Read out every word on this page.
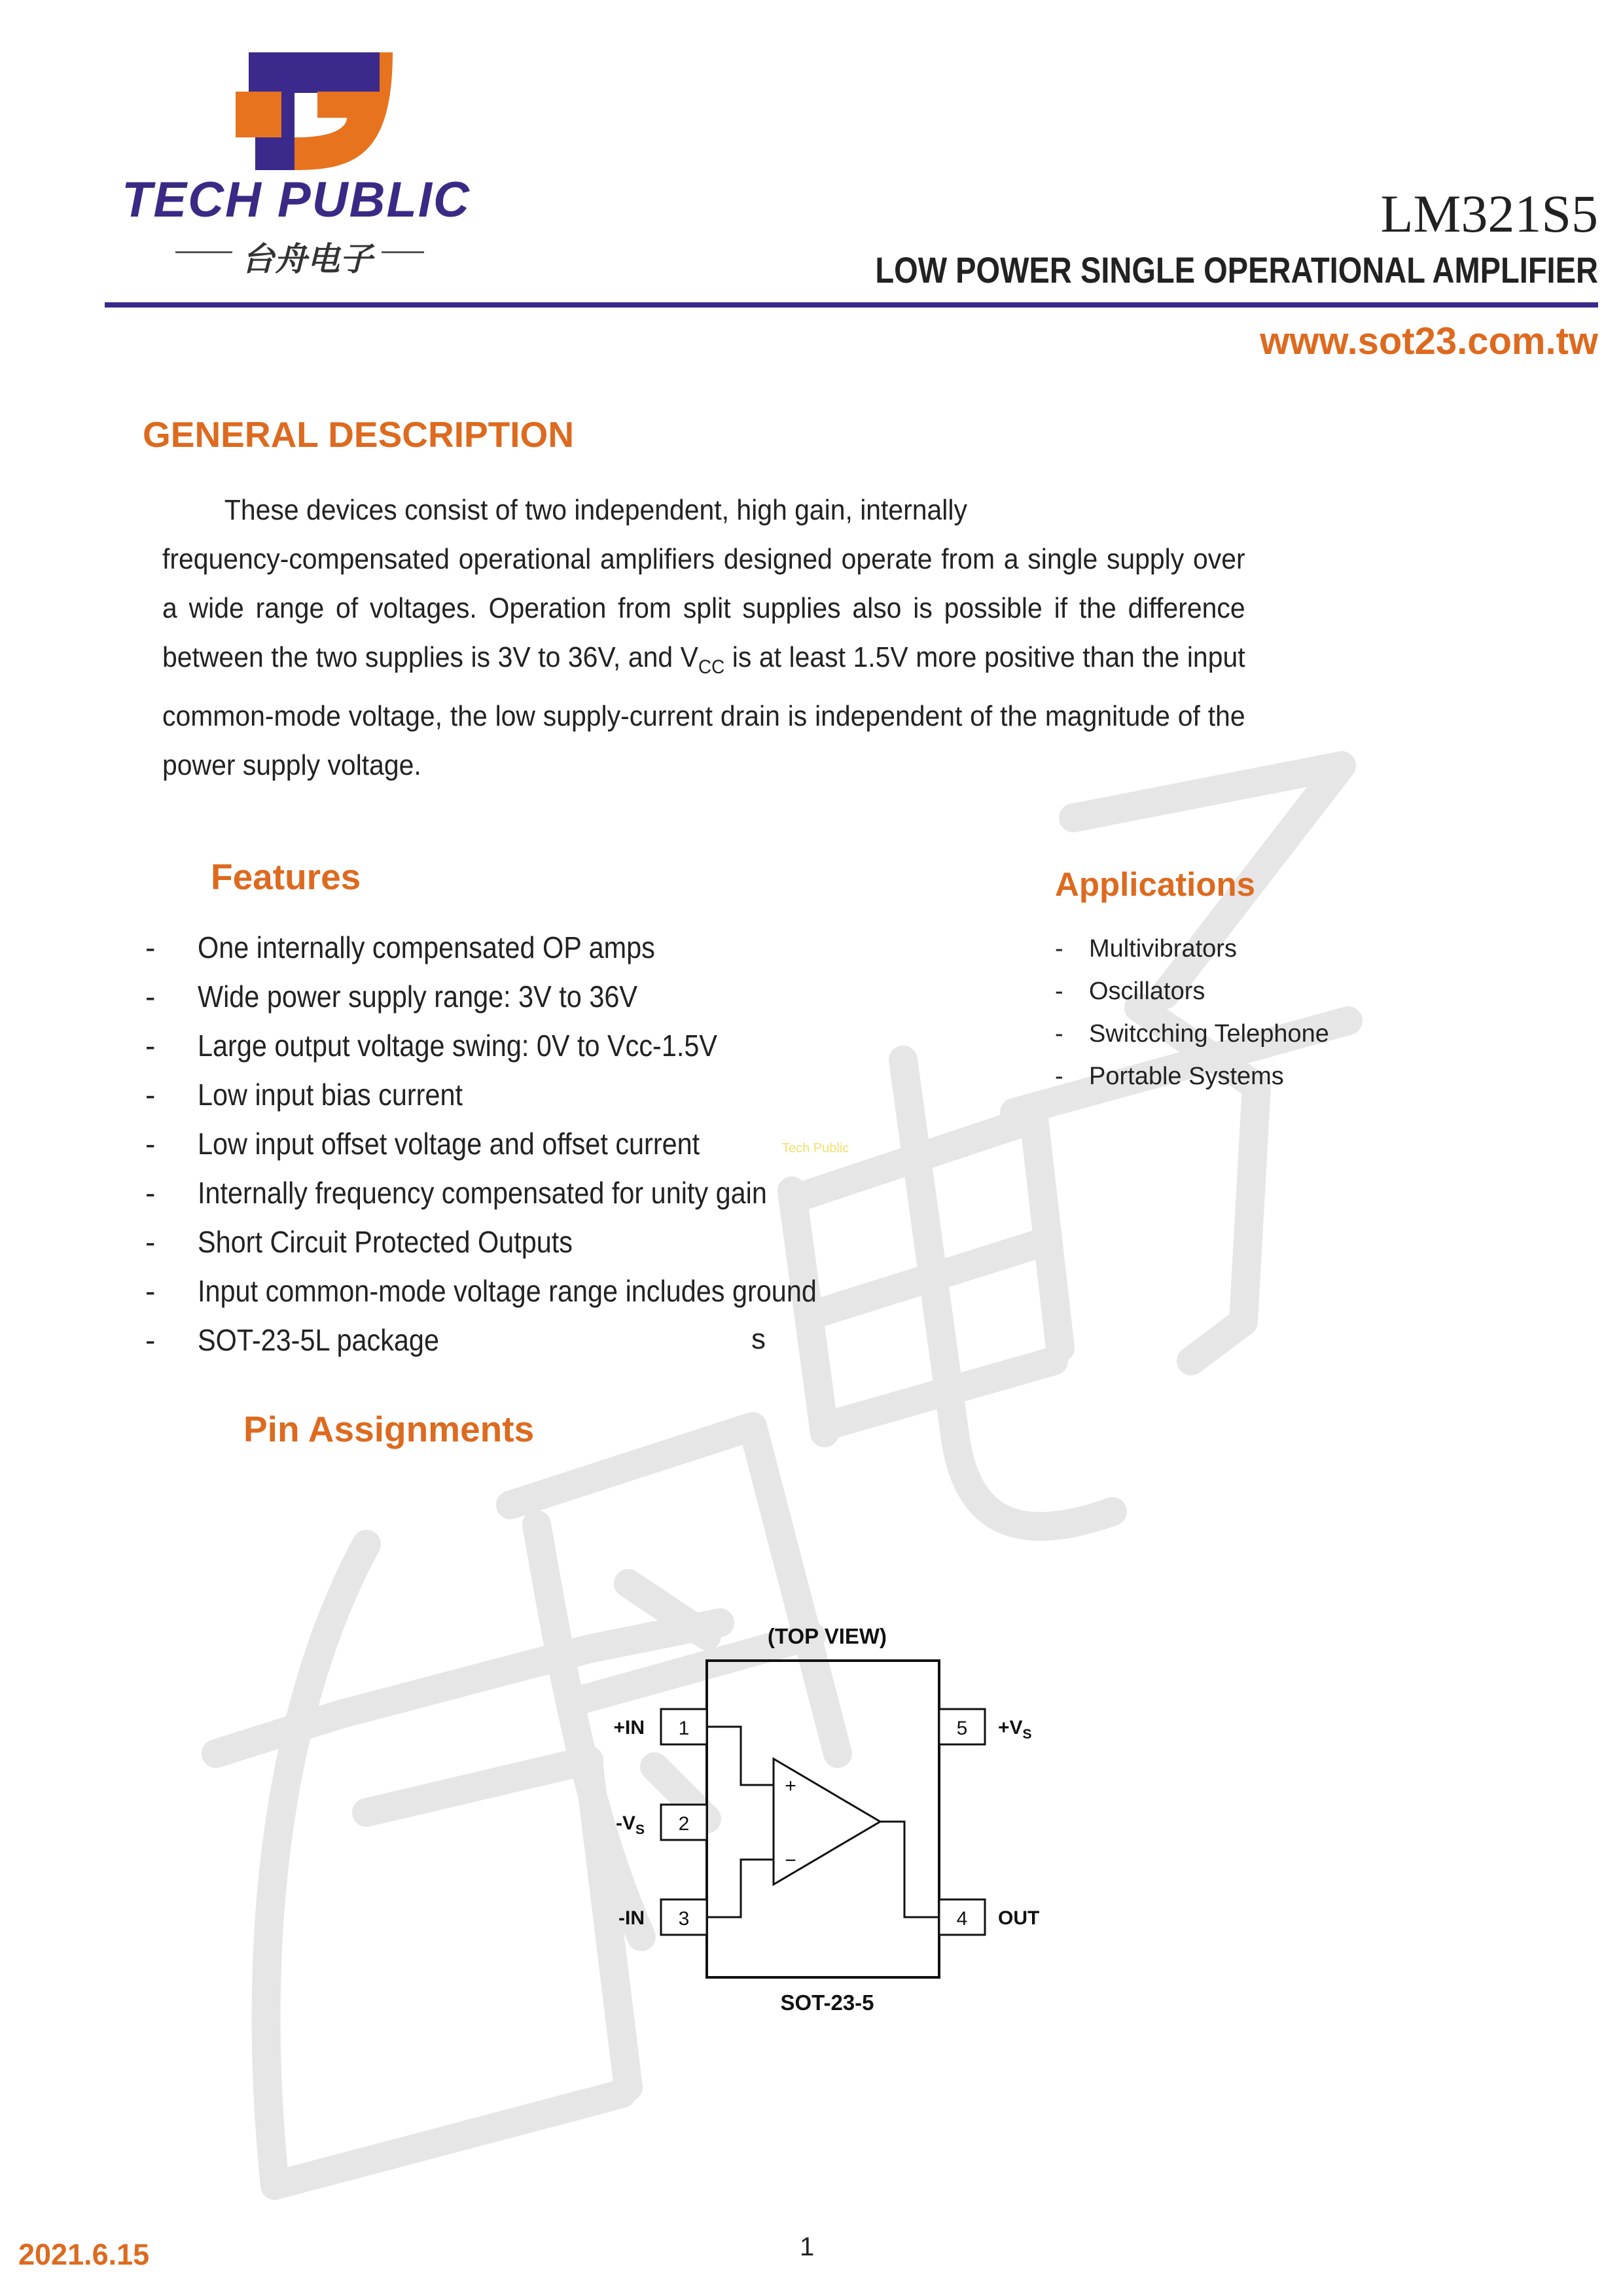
TECH PUBLIC
台舟电子
LM321S5
LOW POWER SINGLE OPERATIONAL AMPLIFIER
www.sot23.com.tw
GENERAL DESCRIPTION

These devices consist of two independent, high gain, internally

frequency-compensated operational amplifiers designed operate from a single supply over a wide range of voltages. Operation from split supplies also is possible if the difference between the two supplies is 3V to 36V, and $V_{CC}$ is at least 1.5V more positive than the input common-mode voltage, the low supply-current drain is independent of the magnitude of the power supply voltage.
Features
-	One internally compensated OP amps
-	Wide power supply range: 3V to 36V
-	Large output voltage swing: 0V to Vcc-1.5V
-	Low input bias current
-	Low input offset voltage and offset current
-	Internally frequency compensated for unity gain
-	Short Circuit Protected Outputs
-	Input common-mode voltage range includes ground
-	SOT-23-5L package	s
Tech Public
Applications
-	Multivibrators
-	Oscillators
-	Switcching Telephone
-	Portable Systems
Pin Assignments
(TOP VIEW)
1
2
3
5
4
+IN
$-V_S$
-IN
$+V_S$
OUT
+
−
SOT-23-5
2021.6.15	1
